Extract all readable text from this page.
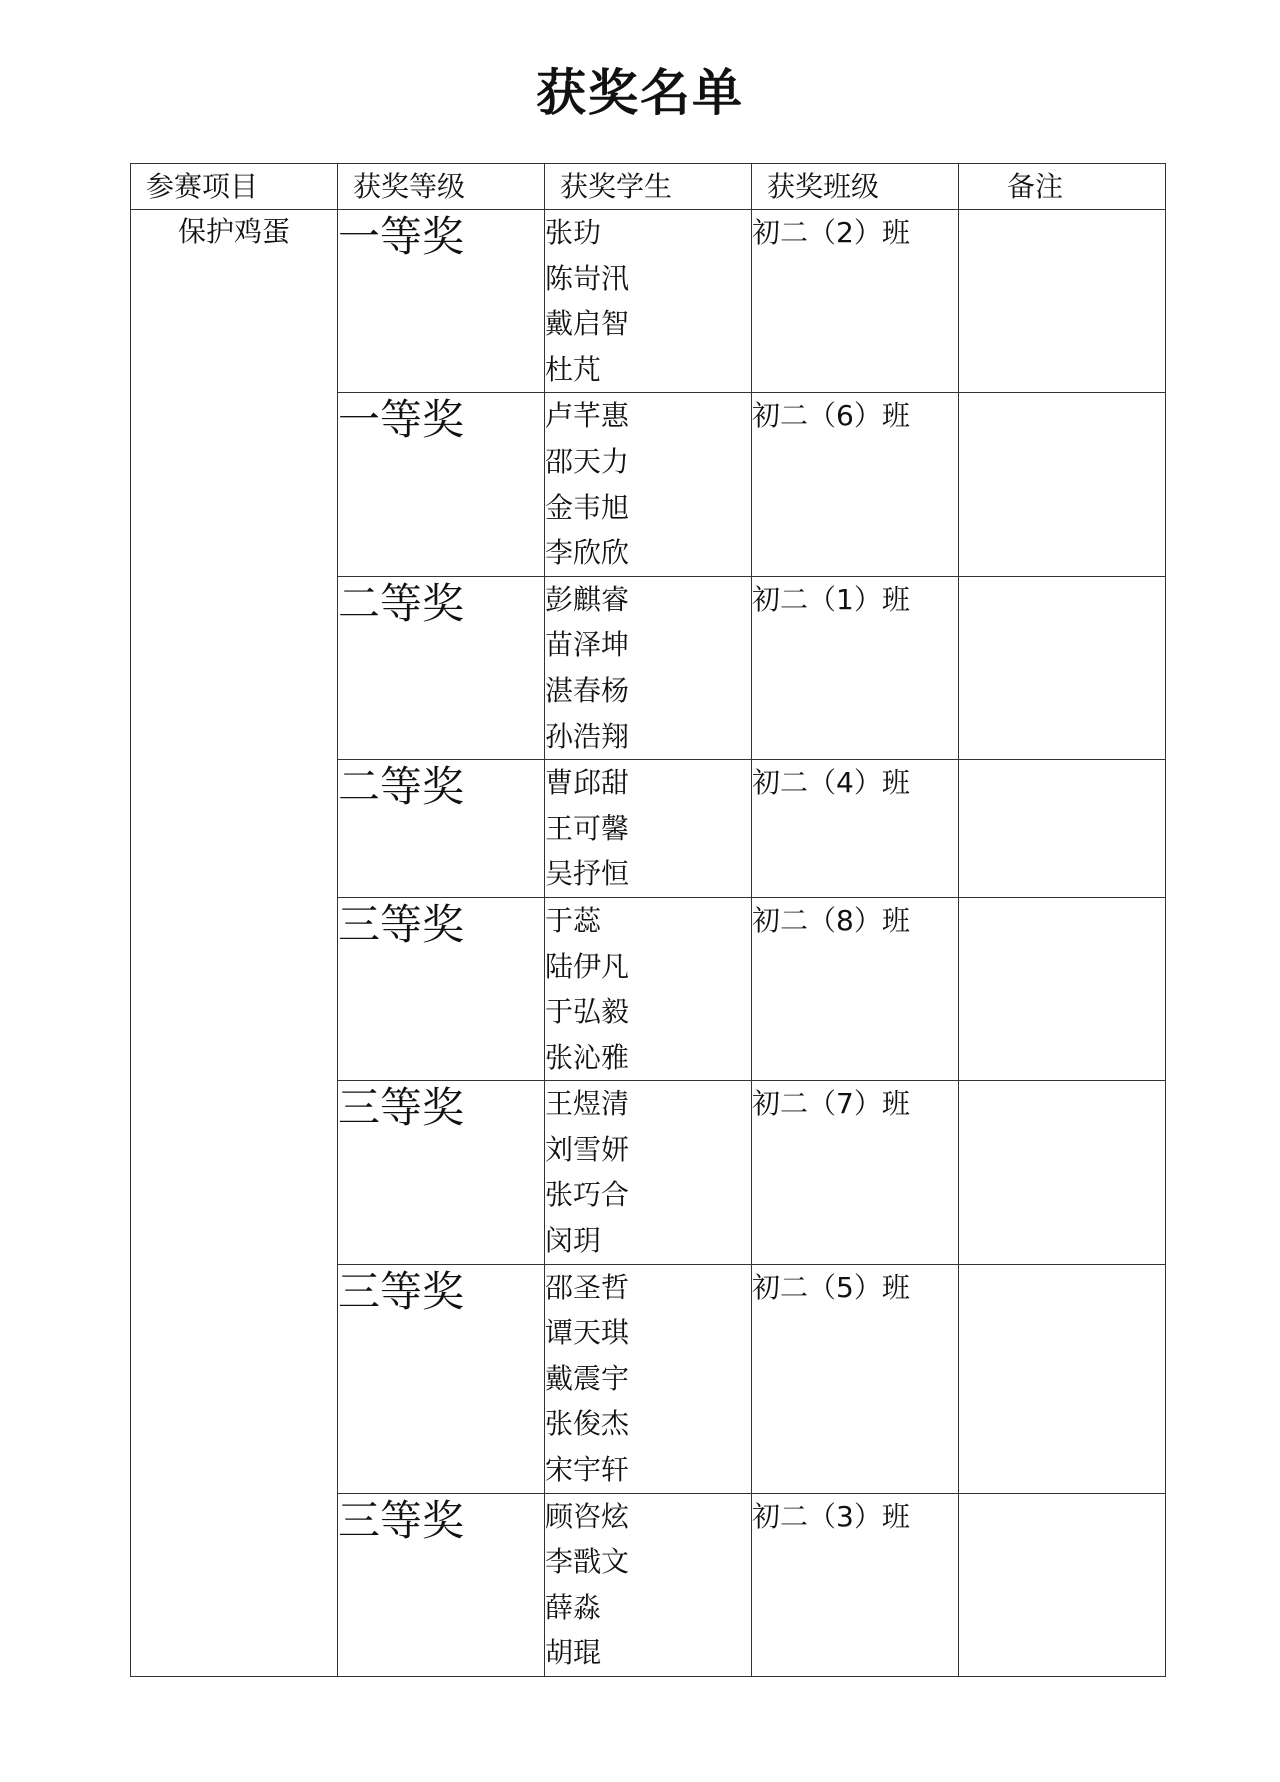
获奖名单
参赛项目	获奖等级	获奖学生	获奖班级	备注
保护鸡蛋	一等奖	张玏
陈岢汛
戴启智
杜芃	初二（2）班	
	一等奖	卢芊惠
邵天力
金韦旭
李欣欣	初二（6）班	
	二等奖	彭麒睿
苗泽坤
湛春杨
孙浩翔	初二（1）班	
	二等奖	曹邱甜
王可馨
吴抒恒	初二（4）班	
	三等奖	于蕊
陆伊凡
于弘毅
张沁雅	初二（8）班	
	三等奖	王煜清
刘雪妍
张巧合
闵玥	初二（7）班	
	三等奖	邵圣哲
谭天琪
戴震宇
张俊杰
宋宇轩	初二（5）班	
	三等奖	顾咨炫
李戬文
薛淼
胡琨	初二（3）班	
